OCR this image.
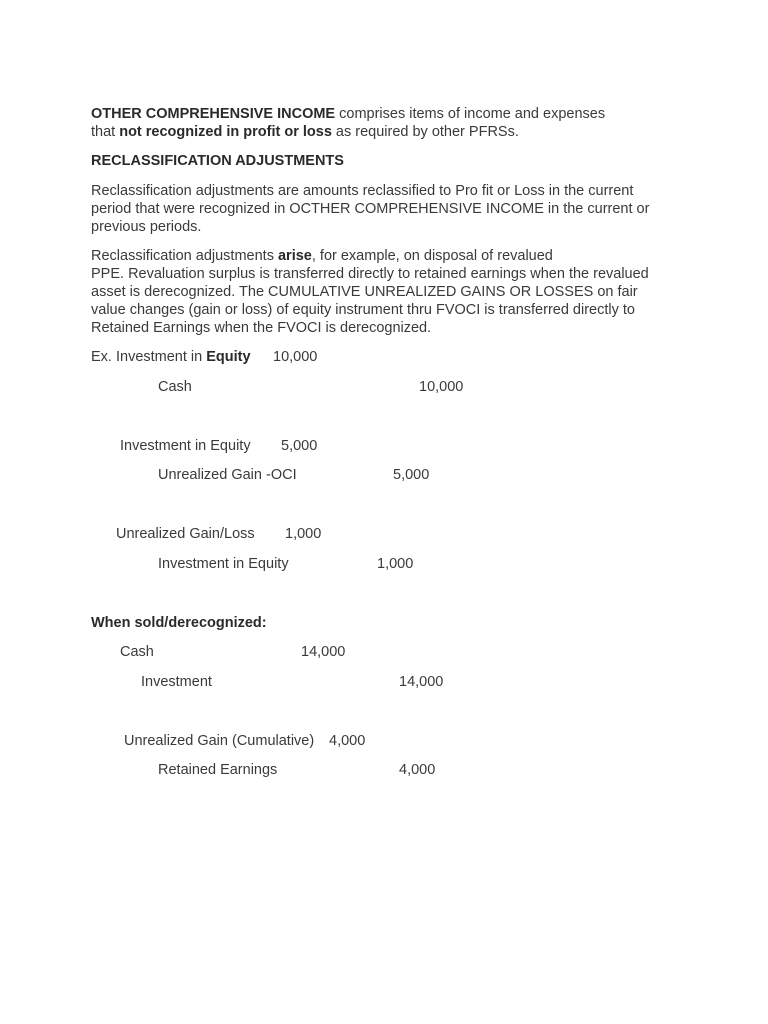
OTHER COMPREHENSIVE INCOME comprises items of income and expenses
that not recognized in profit or loss as required by other PFRSs.
RECLASSIFICATION ADJUSTMENTS
Reclassification adjustments are amounts reclassified to Pro fit or Loss in the current
period that were recognized in OCTHER COMPREHENSIVE INCOME in the current or
previous periods.
Reclassification adjustments arise, for example, on disposal of revalued
PPE. Revaluation surplus is transferred directly to retained earnings when the revalued
asset is derecognized. The CUMULATIVE UNREALIZED GAINS OR LOSSES on fair
value changes (gain or loss) of equity instrument thru FVOCI is transferred directly to
Retained Earnings when the FVOCI is derecognized.
Ex. Investment in Equity 10,000
Cash	10,000
Investment in Equity 5,000
Unrealized Gain -OCI	5,000
Unrealized Gain/Loss 1,000
Investment in Equity	1,000
When sold/derecognized:
Cash	14,000
Investment	14,000
Unrealized Gain (Cumulative) 4,000
Retained Earnings	4,000
